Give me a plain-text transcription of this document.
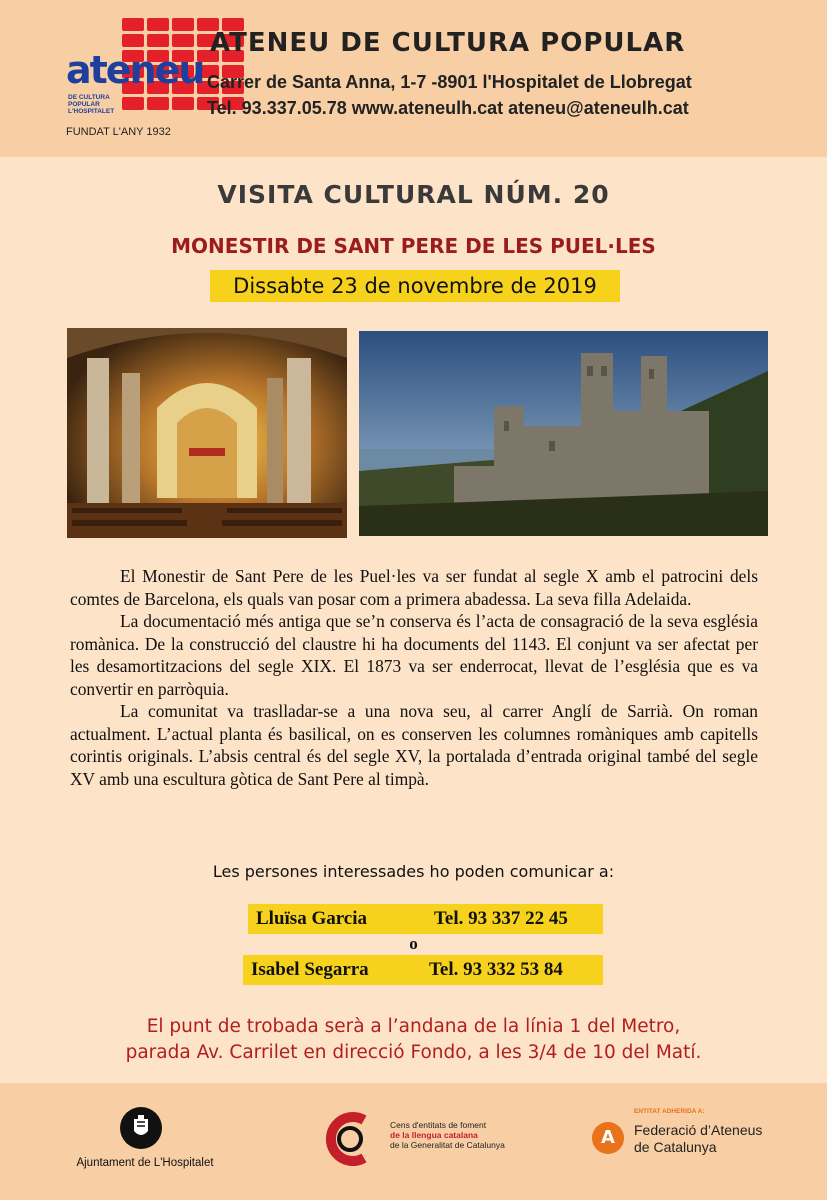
ateneu
DE CULTURA
POPULAR
L'HOSPITALET
FUNDAT L'ANY 1932
ATENEU DE CULTURA POPULAR
Carrer de Santa Anna, 1-7 -8901 l'Hospitalet de Llobregat
Tel. 93.337.05.78 www.ateneulh.cat ateneu@ateneulh.cat
VISITA CULTURAL NÚM. 20
MONESTIR DE SANT PERE DE LES PUEL·LES
Dissabte 23 de novembre de 2019

El Monestir de Sant Pere de les Puel·les va ser fundat al segle X amb el patrocini dels comtes de Barcelona, els quals van posar com a primera abadessa. La seva filla Adelaida.

La documentació més antiga que se’n conserva és l’acta de consagració de la seva església romànica. De la construcció del claustre hi ha documents del 1143. El conjunt va ser afectat per les desamortitzacions del segle XIX. El 1873 va ser enderrocat, llevat de l’església que es va convertir en parròquia.

La comunitat va traslladar-se a una nova seu, al carrer Anglí de Sarrià. On roman actualment. L’actual planta és basilical, on es conserven les columnes romàniques amb capitells corintis originals. L’absis central és del segle XV, la portalada d’entrada original també del segle XV amb una escultura gòtica de Sant Pere al timpà.

Les persones interessades ho poden comunicar a:
Lluïsa Garcia	Tel. 93 337 22 45
o
Isabel Segarra	Tel. 93 332 53 84
El punt de trobada serà a l’andana de la línia 1 del Metro,
parada Av. Carrilet en direcció Fondo, a les 3/4 de 10 del Matí.
Ajuntament de L'Hospitalet
Cens d'entitats de foment
de la llengua catalana
de la Generalitat de Catalunya
ENTITAT ADHERIDA A:
A	Federació d’Ateneus
de Catalunya
